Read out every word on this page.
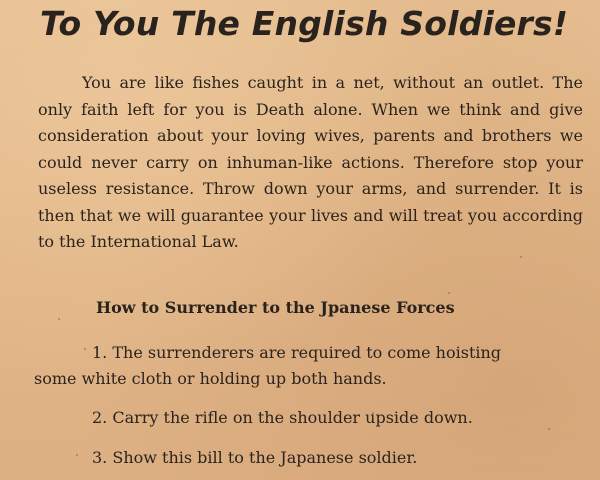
To You The English Soldiers!

You are like fishes caught in a net, without an outlet. The only faith left for you is Death alone. When we think and give consideration about your loving wives, parents and brothers we could never carry on inhuman-like actions. Therefore stop your useless resistance. Throw down your arms, and surrender. It is then that we will guarantee your lives and will treat you according to the International Law.

How to Surrender to the Jpanese Forces
1. The surrenderers are required to come hoisting
some white cloth or holding up both hands.
2. Carry the rifle on the shoulder upside down.
3. Show this bill to the Japanese soldier.
